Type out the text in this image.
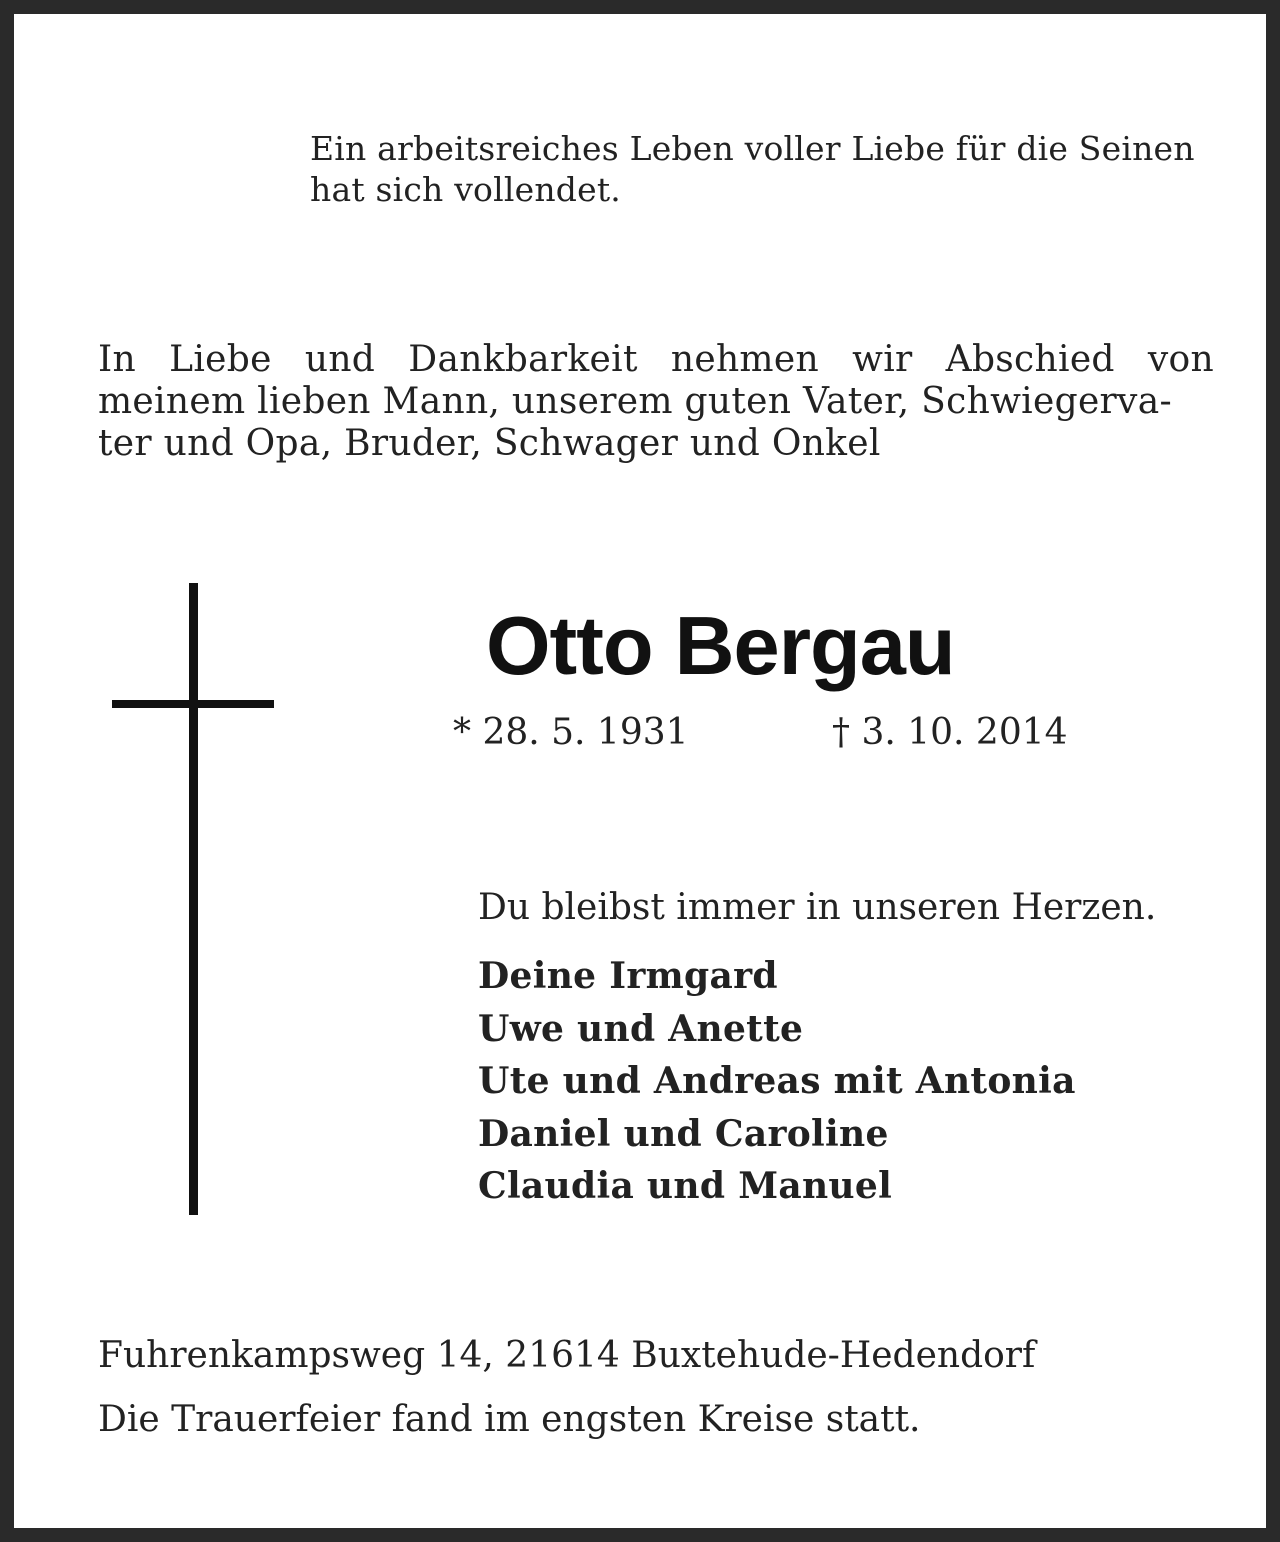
Ein arbeitsreiches Leben voller Liebe für die Seinen
hat sich vollendet.
In Liebe und Dankbarkeit nehmen wir Abschied von
meinem lieben Mann, unserem guten Vater, Schwiegerva-
ter und Opa, Bruder, Schwager und Onkel
Otto Bergau
* 28. 5. 1931	† 3. 10. 2014
Du bleibst immer in unseren Herzen.
Deine Irmgard
Uwe und Anette
Ute und Andreas mit Antonia
Daniel und Caroline
Claudia und Manuel
Fuhrenkampsweg 14, 21614 Buxtehude-Hedendorf
Die Trauerfeier fand im engsten Kreise statt.
